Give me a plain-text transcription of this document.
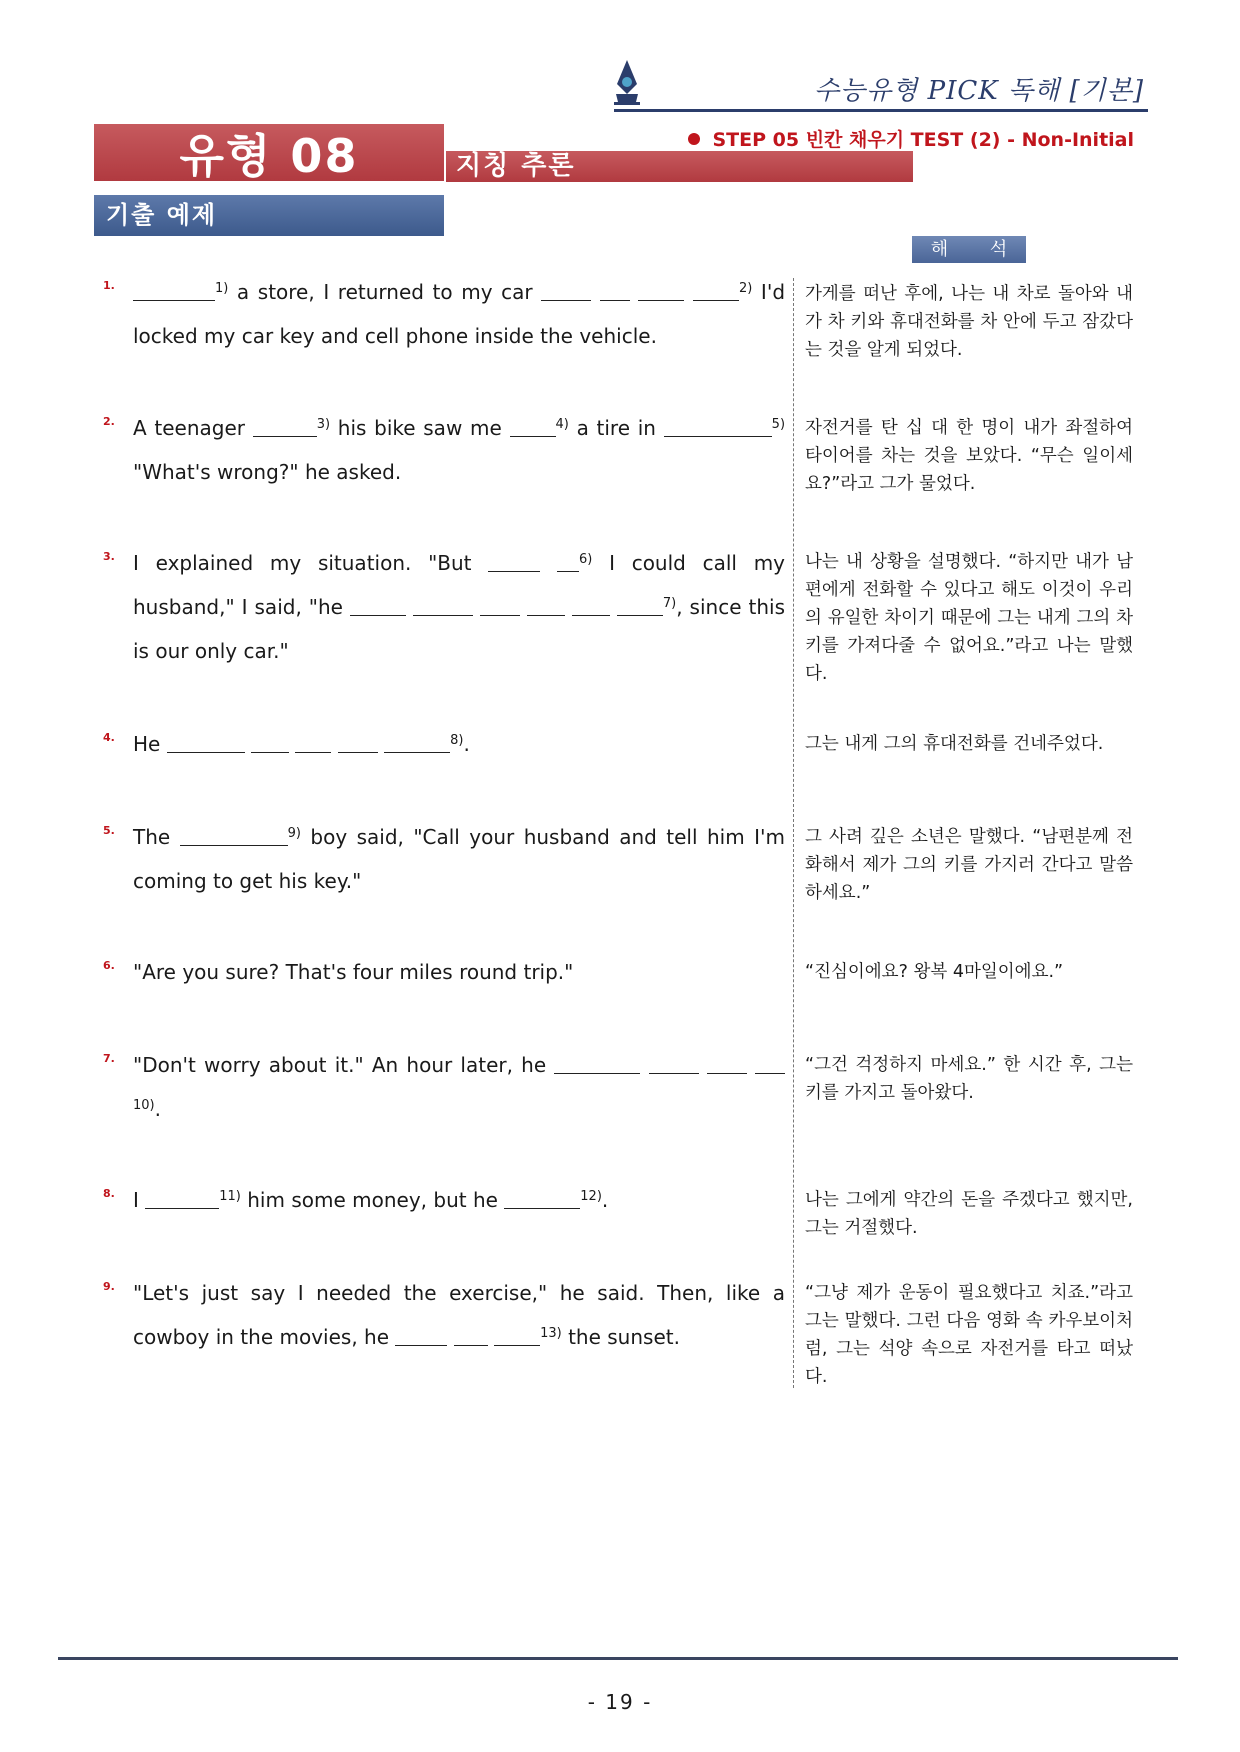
수능유형 PICK 독해 [기본]
유형 08	지칭 추론
STEP 05 빈칸 채우기 TEST (2) - Non-Initial
기출 예제
해 석
1.	$^{1)}$ a store, I returned to my car	$^{2)}$ I'd locked my car key and cell phone inside the vehicle.
가게를 떠난 후에, 나는 내 차로 돌아와 내가 차 키와 휴대전화를 차 안에 두고 잠갔다는 것을 알게 되었다.
2. A teenager	$^{3)}$ his bike saw me	$^{4)}$ a tire in	$^{5)}$ "What's wrong?" he asked.
자전거를 탄 십 대 한 명이 내가 좌절하여 타이어를 차는 것을 보았다. “무슨 일이세요?”라고 그가 물었다.
3. I explained my situation. "But	$^{6)}$ I could call my husband," I said, "he	$^{7)}$, since this is our only car."
나는 내 상황을 설명했다. “하지만 내가 남편에게 전화할 수 있다고 해도 이것이 우리의 유일한 차이기 때문에 그는 내게 그의 차 키를 가져다줄 수 없어요.”라고 나는 말했다.
4. He	$^{8)}$.	그는 내게 그의 휴대전화를 건네주었다.
5. The	$^{9)}$ boy said, "Call your husband and tell him I'm coming to get his key."
그 사려 깊은 소년은 말했다. “남편분께 전화해서 제가 그의 키를 가지러 간다고 말씀하세요.”
6. "Are you sure? That's four miles round trip."	“진심이에요? 왕복 4마일이에요.”
7. "Don't worry about it." An hour later, he     $^{10)}$.
“그건 걱정하지 마세요.” 한 시간 후, 그는 키를 가지고 돌아왔다.
8. I	$^{11)}$ him some money, but he	$^{12)}$.	나는 그에게 약간의 돈을 주겠다고 했지만, 그는 거절했다.
9. "Let's just say I needed the exercise," he said. Then, like a cowboy in the movies, he	$^{13)}$ the sunset.
“그냥 제가 운동이 필요했다고 치죠.”라고 그는 말했다. 그런 다음 영화 속 카우보이처럼, 그는 석양 속으로 자전거를 타고 떠났다.
- 19 -
